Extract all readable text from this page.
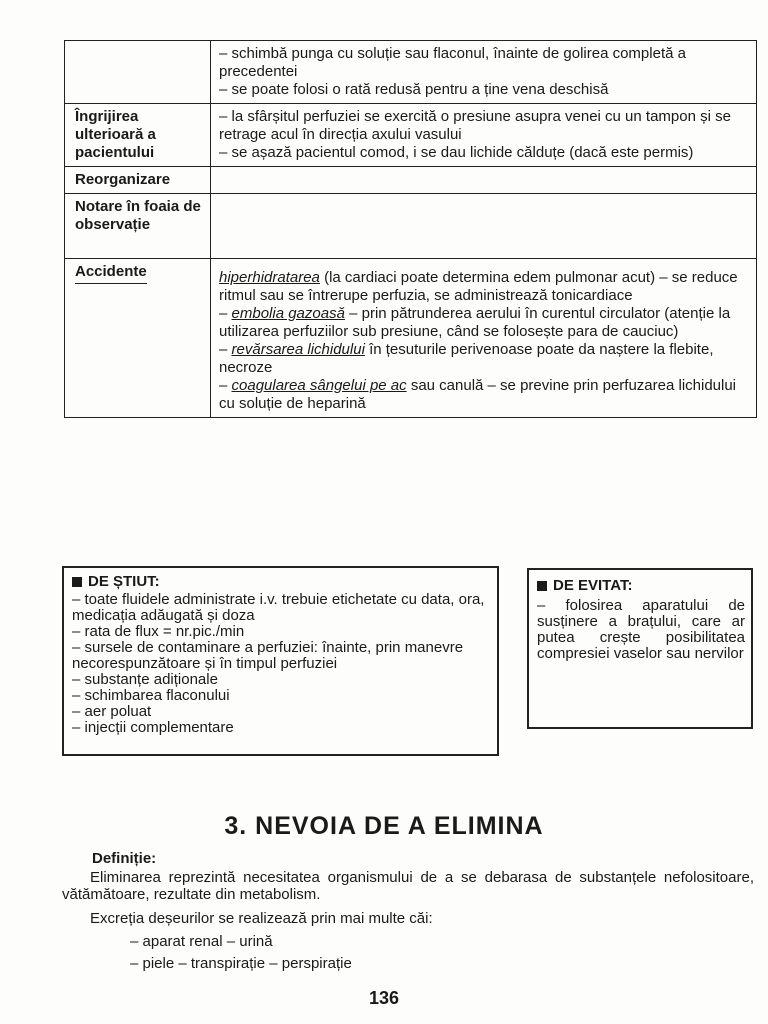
	– schimbă punga cu soluție sau flaconul, înainte de golirea completă a precedentei
– se poate folosi o rată redusă pentru a ține vena deschisă

Îngrijirea ulterioară a pacientului	– la sfârșitul perfuziei se exercită o presiune asupra venei cu un tampon și se retrage acul în direcția axului vasului
– se așază pacientul comod, i se dau lichide călduțe (dacă este permis)

Reorganizare	
Notare în foaia de observație	
Accidente	hiperhidratarea (la cardiaci poate determina edem pulmonar acut) – se reduce ritmul sau se întrerupe perfuzia, se administrează tonicardiace
– embolia gazoasă – prin pătrunderea aerului în curentul circulator (atenție la utilizarea perfuziilor sub presiune, când se folosește para de cauciuc)
– revărsarea lichidului în țesuturile perivenoase poate da naștere la flebite, necroze
– coagularea sângelui pe ac sau canulă – se previne prin perfuzarea lichidului cu soluție de heparină
DE ȘTIUT:
– toate fluidele administrate i.v. trebuie etichetate cu data, ora, medicația adăugată și doza
– rata de flux = nr.pic./min
– sursele de contaminare a perfuziei: înainte, prin manevre necorespunzătoare și în timpul perfuziei
– substanțe adiționale
– schimbarea flaconului
– aer poluat
– injecții complementare
DE EVITAT:
– folosirea aparatului de susținere a brațului, care ar putea crește posibilitatea compresiei vaselor sau nervilor
3. NEVOIA DE A ELIMINA
Definiție:
Eliminarea reprezintă necesitatea organismului de a se debarasa de substanțele nefolositoare, vătămătoare, rezultate din metabolism.
Excreția deșeurilor se realizează prin mai multe căi:
– aparat renal – urină
– piele – transpirație – perspirație
136
